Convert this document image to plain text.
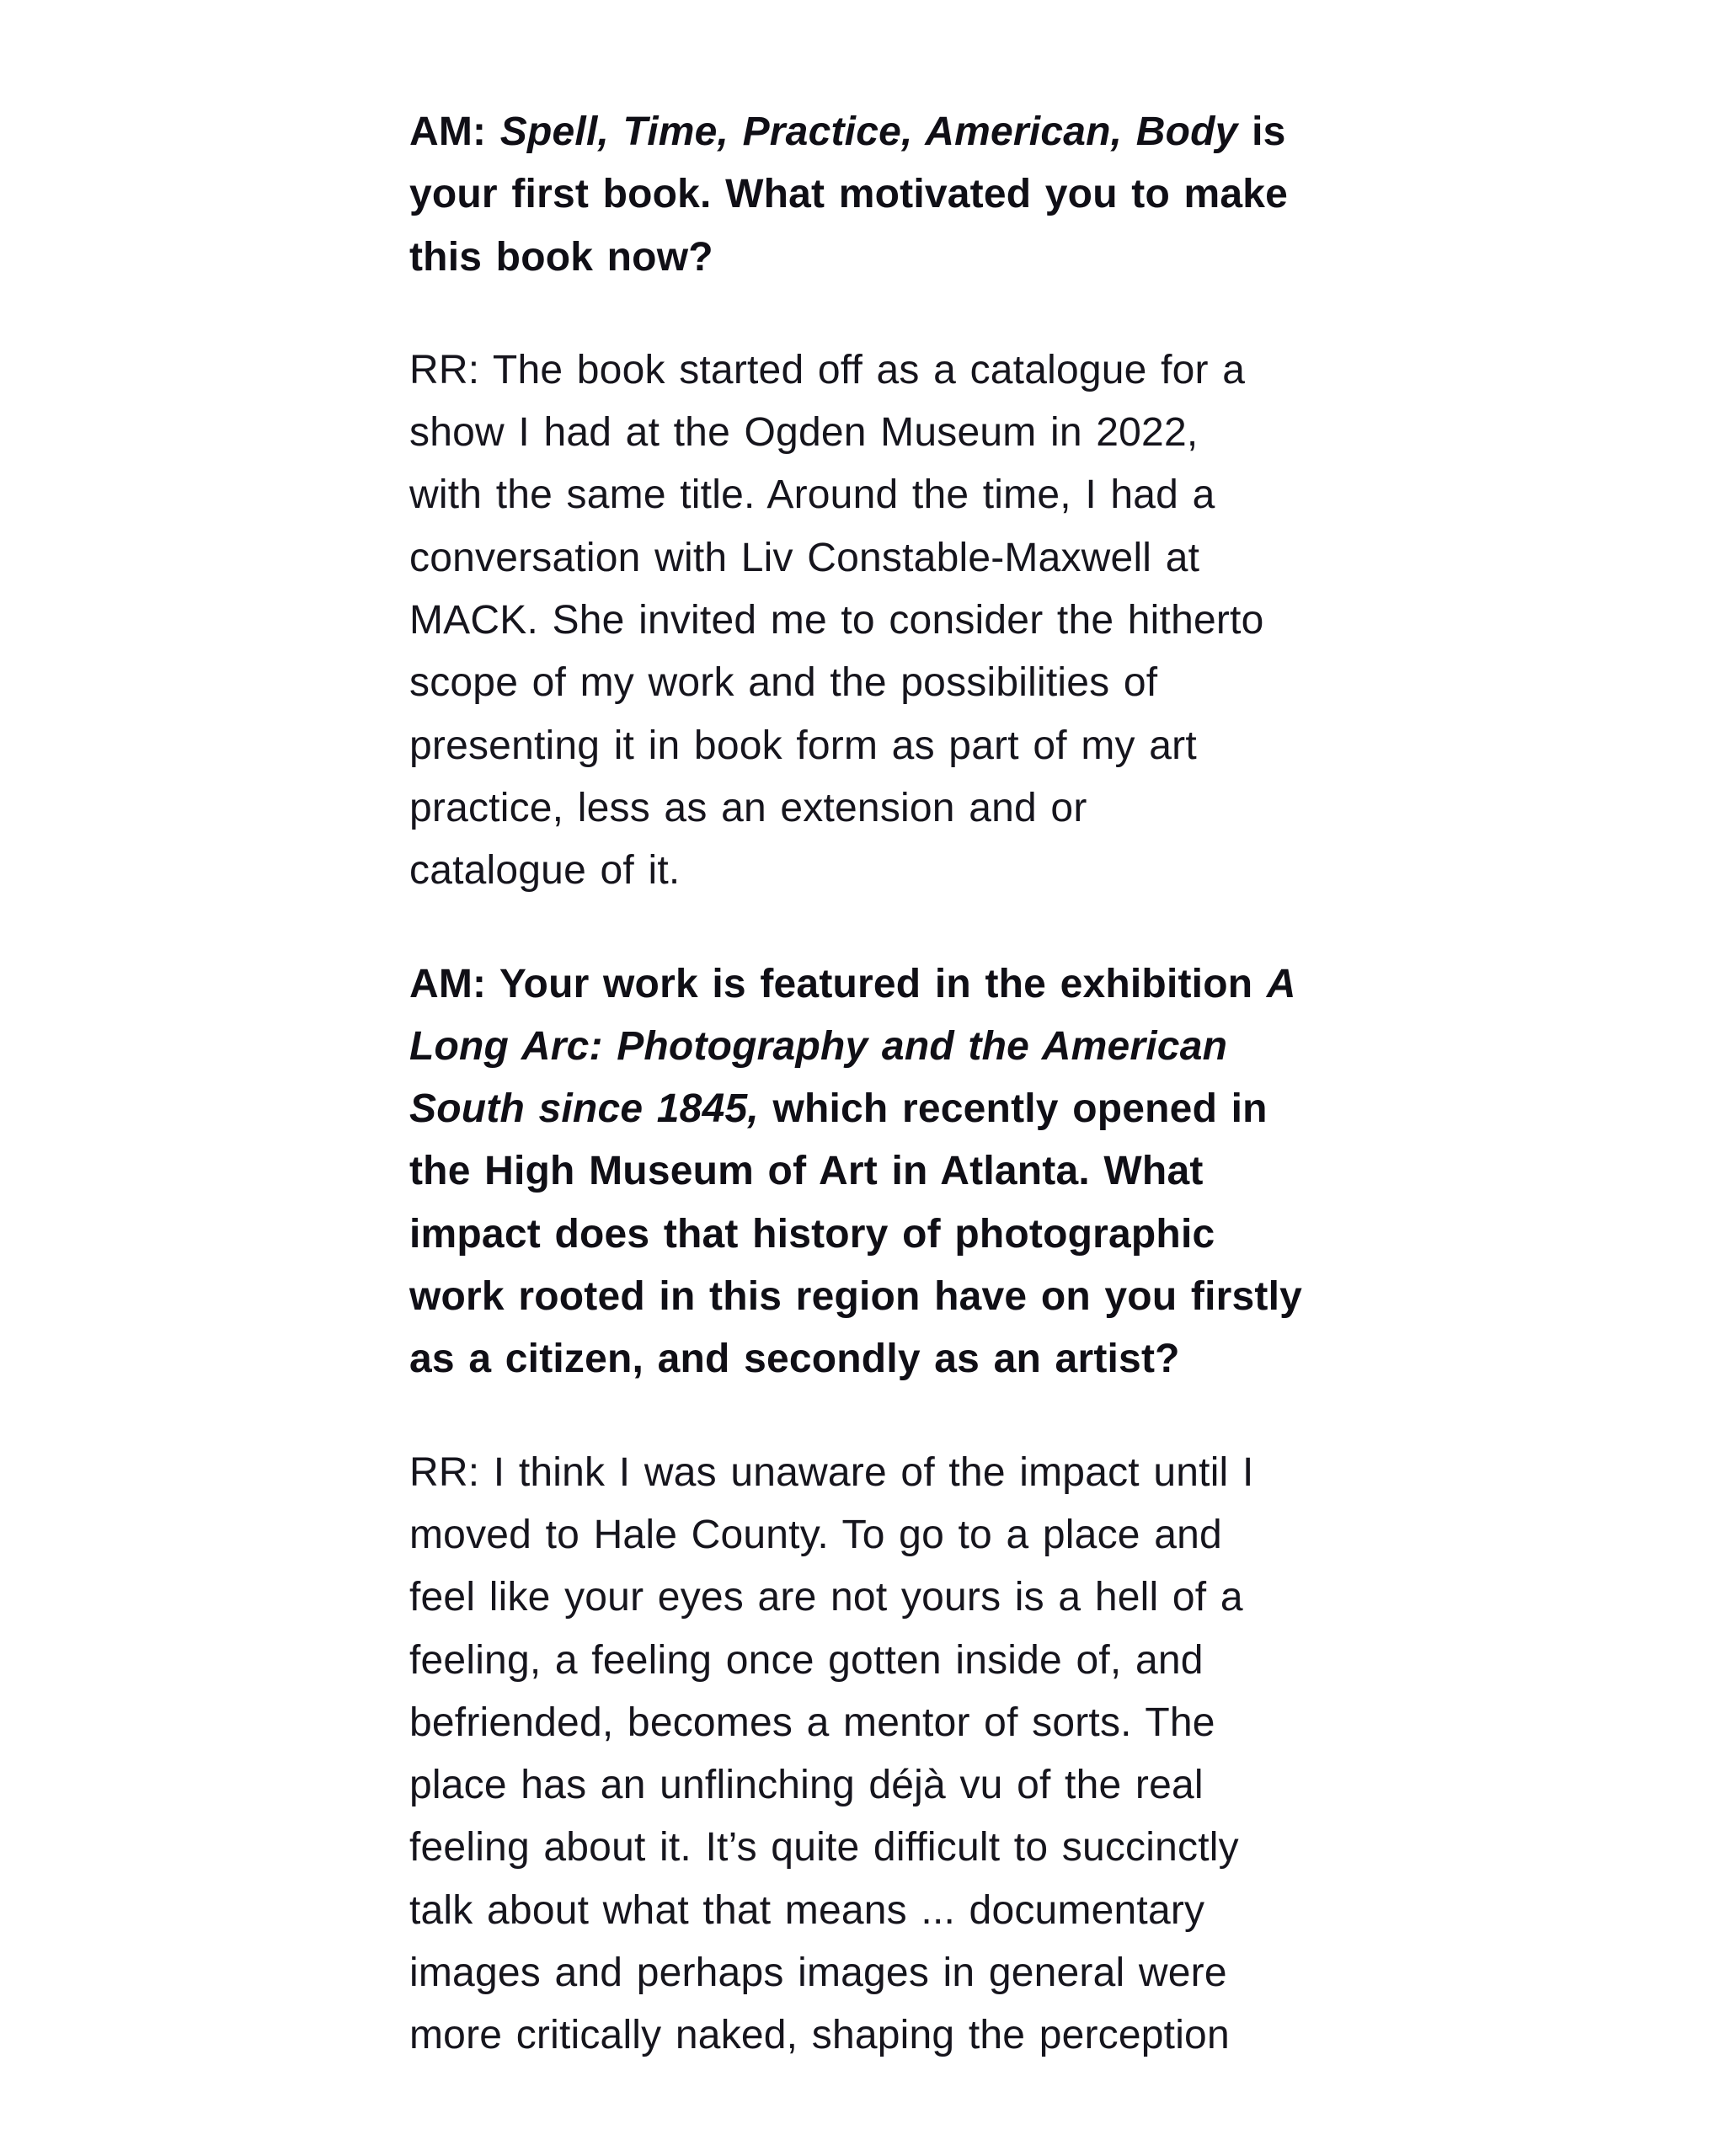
AM: Spell, Time, Practice, American, Body is
your first book. What motivated you to make
this book now?
RR: The book started off as a catalogue for a
show I had at the Ogden Museum in 2022,
with the same title. Around the time, I had a
conversation with Liv Constable-Maxwell at
MACK. She invited me to consider the hitherto
scope of my work and the possibilities of
presenting it in book form as part of my art
practice, less as an extension and or
catalogue of it.
AM: Your work is featured in the exhibition A
Long Arc: Photography and the American
South since 1845, which recently opened in
the High Museum of Art in Atlanta. What
impact does that history of photographic
work rooted in this region have on you firstly
as a citizen, and secondly as an artist?
RR: I think I was unaware of the impact until I
moved to Hale County. To go to a place and
feel like your eyes are not yours is a hell of a
feeling, a feeling once gotten inside of, and
befriended, becomes a mentor of sorts. The
place has an unflinching déjà vu of the real
feeling about it. It’s quite difficult to succinctly
talk about what that means ... documentary
images and perhaps images in general were
more critically naked, shaping the perception
